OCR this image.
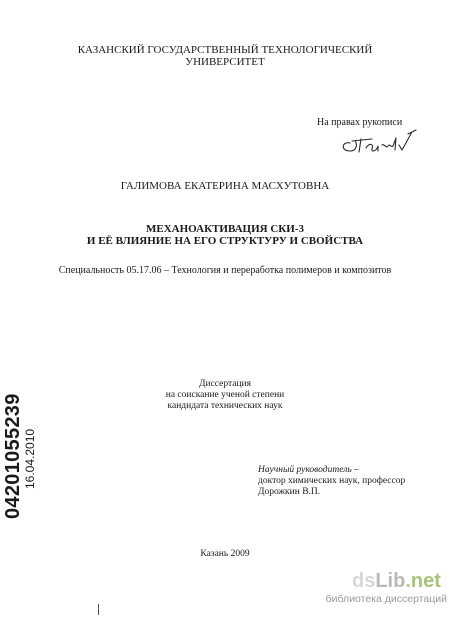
КАЗАНСКИЙ ГОСУДАРСТВЕННЫЙ ТЕХНОЛОГИЧЕСКИЙ
УНИВЕРСИТЕТ
На правах рукописи
ГАЛИМОВА ЕКАТЕРИНА МАСХУТОВНА
МЕХАНОАКТИВАЦИЯ СКИ-3
И ЕЁ ВЛИЯНИЕ НА ЕГО СТРУКТУРУ И СВОЙСТВА
Специальность 05.17.06 – Технология и переработка полимеров и композитов
Диссертация
на соискание ученой степени
кандидата технических наук
Научный руководитель –
доктор химических наук, профессор
Дорожкин В.П.
Казань 2009
04201055239 16.04.2010
dsLib.net
библиотека диссертаций
